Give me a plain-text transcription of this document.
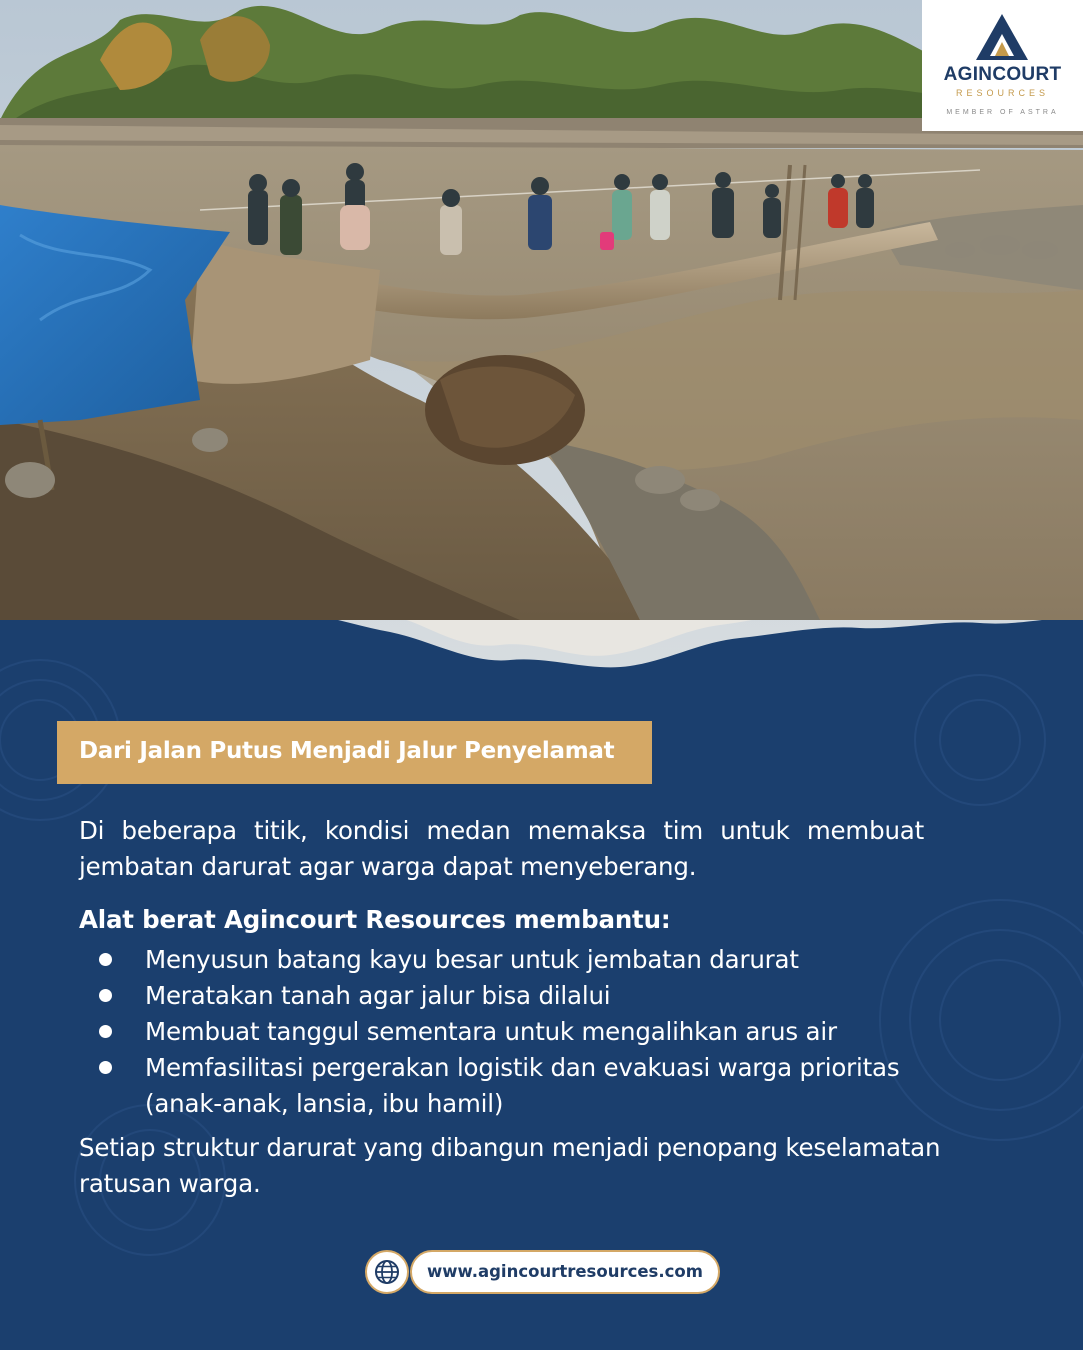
AGINCOURT
RESOURCES
MEMBER OF ASTRA
Dari Jalan Putus Menjadi Jalur Penyelamat

Di beberapa titik, kondisi medan memaksa tim untuk membuat jembatan darurat agar warga dapat menyeberang.

Alat berat Agincourt Resources membantu:

Menyusun batang kayu besar untuk jembatan darurat
Meratakan tanah agar jalur bisa dilalui
Membuat tanggul sementara untuk mengalihkan arus air
Memfasilitasi pergerakan logistik dan evakuasi warga prioritas (anak-anak, lansia, ibu hamil)

Setiap struktur darurat yang dibangun menjadi penopang keselamatan ratusan warga.

www.agincourtresources.com
